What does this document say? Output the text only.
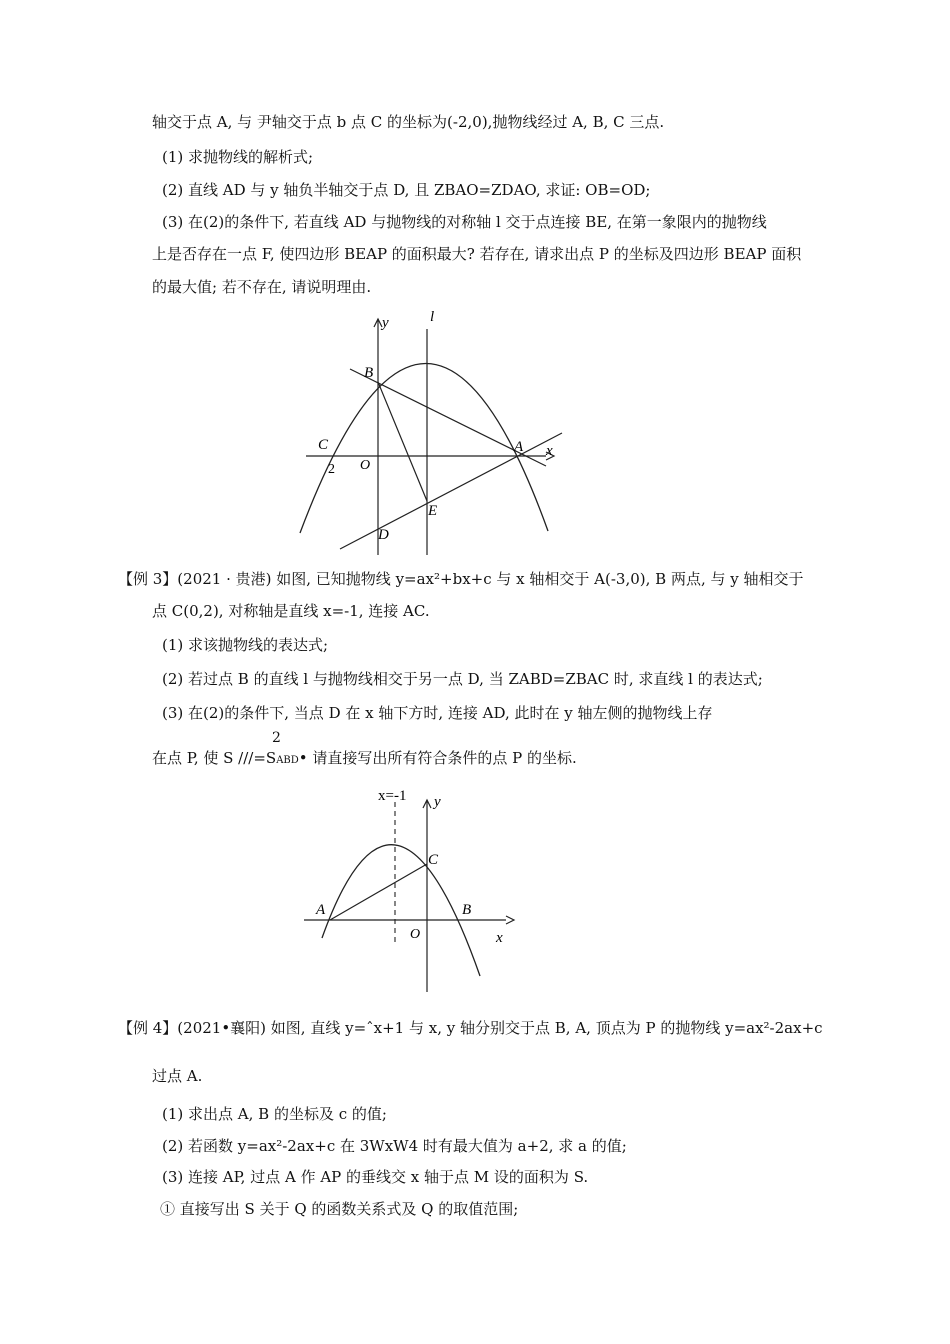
轴交于点 A, 与 尹轴交于点 b 点 C 的坐标为(-2,0),抛物线经过 A, B, C 三点.
(1) 求抛物线的解析式;
(2) 直线 AD 与 y 轴负半轴交于点 D, 且 ZBAO=ZDAO, 求证: OB=OD;
(3) 在(2)的条件下, 若直线 AD 与抛物线的对称轴 l 交于点连接 BE, 在第一象限内的抛物线
上是否存在一点 F, 使四边形 BEAP 的面积最大? 若存在, 请求出点 P 的坐标及四边形 BEAP 面积
的最大值; 若不存在, 请说明理由.
y	l
B
C
2 O
A x
E
D
【例 3】(2021 · 贵港) 如图, 已知抛物线 y=ax²+bx+c 与 x 轴相交于 A(-3,0), B 两点, 与 y 轴相交于
点 C(0,2), 对称轴是直线 x=-1, 连接 AC.
(1) 求该抛物线的表达式;
(2) 若过点 B 的直线 l 与抛物线相交于另一点 D, 当 ZABD=ZBAC 时, 求直线 l 的表达式;
(3) 在(2)的条件下, 当点 D 在 x 轴下方时, 连接 AD, 此时在 y 轴左侧的抛物线上存
2
在点 P, 使 S ///=SABD• 请直接写出所有符合条件的点 P 的坐标.
x=-1 y
C
A	B
O	x
【例 4】(2021•襄阳) 如图, 直线 y=ˆx+1 与 x, y 轴分别交于点 B, A, 顶点为 P 的抛物线 y=ax²-2ax+c
过点 A.
(1) 求出点 A, B 的坐标及 c 的值;
(2) 若函数 y=ax²-2ax+c 在 3WxW4 时有最大值为 a+2, 求 a 的值;
(3) 连接 AP, 过点 A 作 AP 的垂线交 x 轴于点 M 设的面积为 S.
① 直接写出 S 关于 Q 的函数关系式及 Q 的取值范围;
